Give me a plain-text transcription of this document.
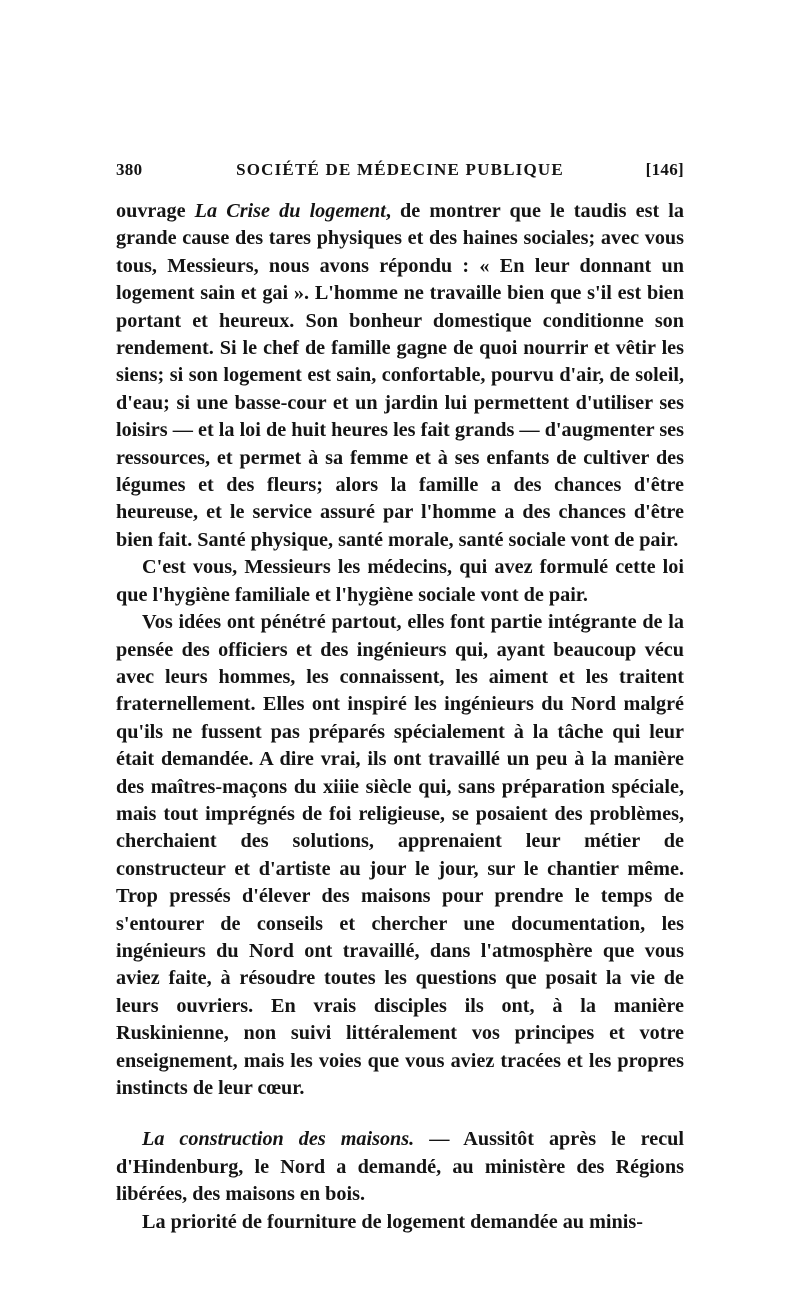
380	SOCIÉTÉ DE MÉDECINE PUBLIQUE	[146]

ouvrage La Crise du logement, de montrer que le taudis est la grande cause des tares physiques et des haines sociales; avec vous tous, Messieurs, nous avons répondu : « En leur donnant un logement sain et gai ». L'homme ne travaille bien que s'il est bien portant et heureux. Son bonheur domestique conditionne son rendement. Si le chef de famille gagne de quoi nourrir et vêtir les siens; si son logement est sain, confortable, pourvu d'air, de soleil, d'eau; si une basse-cour et un jardin lui permettent d'utiliser ses loisirs — et la loi de huit heures les fait grands — d'augmenter ses ressources, et permet à sa femme et à ses enfants de cultiver des légumes et des fleurs; alors la famille a des chances d'être heureuse, et le service assuré par l'homme a des chances d'être bien fait. Santé physique, santé morale, santé sociale vont de pair.

C'est vous, Messieurs les médecins, qui avez formulé cette loi que l'hygiène familiale et l'hygiène sociale vont de pair.

Vos idées ont pénétré partout, elles font partie intégrante de la pensée des officiers et des ingénieurs qui, ayant beaucoup vécu avec leurs hommes, les connaissent, les aiment et les traitent fraternellement. Elles ont inspiré les ingénieurs du Nord malgré qu'ils ne fussent pas préparés spécialement à la tâche qui leur était demandée. A dire vrai, ils ont travaillé un peu à la manière des maîtres-maçons du xiiie siècle qui, sans préparation spéciale, mais tout imprégnés de foi religieuse, se posaient des problèmes, cherchaient des solutions, apprenaient leur métier de constructeur et d'artiste au jour le jour, sur le chantier même. Trop pressés d'élever des maisons pour prendre le temps de s'entourer de conseils et chercher une documentation, les ingénieurs du Nord ont travaillé, dans l'atmosphère que vous aviez faite, à résoudre toutes les questions que posait la vie de leurs ouvriers. En vrais disciples ils ont, à la manière Ruskinienne, non suivi littéralement vos principes et votre enseignement, mais les voies que vous aviez tracées et les propres instincts de leur cœur.

La construction des maisons. — Aussitôt après le recul d'Hindenburg, le Nord a demandé, au ministère des Régions libérées, des maisons en bois.

La priorité de fourniture de logement demandée au minis-
